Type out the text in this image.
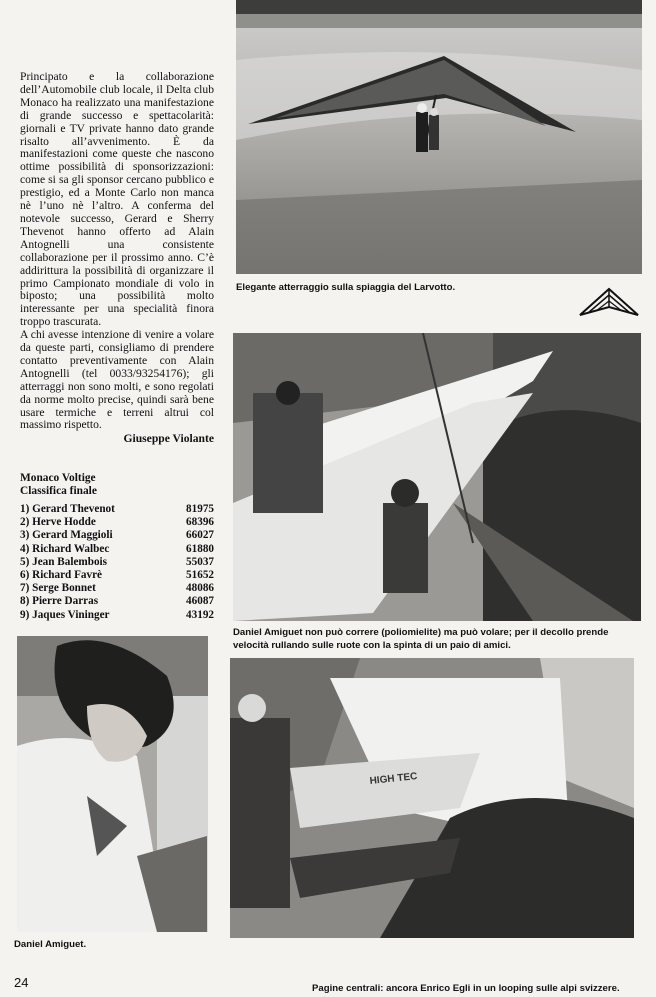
Elegante atterraggio sulla spiaggia del Larvotto.
Daniel Amiguet non può correre (poliomielite) ma può volare; per il decollo prende velocità rullando sulle ruote con la spinta di un paio di amici.
Daniel Amiguet.
HIGH TEC
Pagine centrali: ancora Enrico Egli in un looping sulle alpi svizzere.

Principato e la collaborazione dell’Automobile club locale, il Delta club Monaco ha realizzato una manifestazione di grande successo e spettacolarità: giornali e TV private hanno dato grande risalto all’avvenimento. È da manifestazioni come queste che nascono ottime possibilità di sponsorizzazioni: come si sa gli sponsor cercano pubblico e prestigio, ed a Monte Carlo non manca nè l’uno nè l’altro. A conferma del notevole successo, Gerard e Sherry Thevenot hanno offerto ad Alain Antognelli una consistente collaborazione per il prossimo anno. C’è addirittura la possibilità di organizzare il primo Campionato mondiale di volo in biposto; una possibilità molto interessante per una specialità finora troppo trascurata.

A chi avesse intenzione di venire a volare da queste parti, consigliamo di prendere contatto preventivamente con Alain Antognelli (tel 0033/93254176); gli atterraggi non sono molti, e sono regolati da norme molto precise, quindi sarà bene usare termiche e terreni altrui col massimo rispetto.

Giuseppe Violante
Monaco Voltige
Classifica finale
1) Gerard Thevenot	81975
2) Herve Hodde	68396
3) Gerard Maggioli	66027
4) Richard Walbec	61880
5) Jean Balembois	55037
6) Richard Favrè	51652
7) Serge Bonnet	48086
8) Pierre Darras	46087
9) Jaques Vininger	43192
24
